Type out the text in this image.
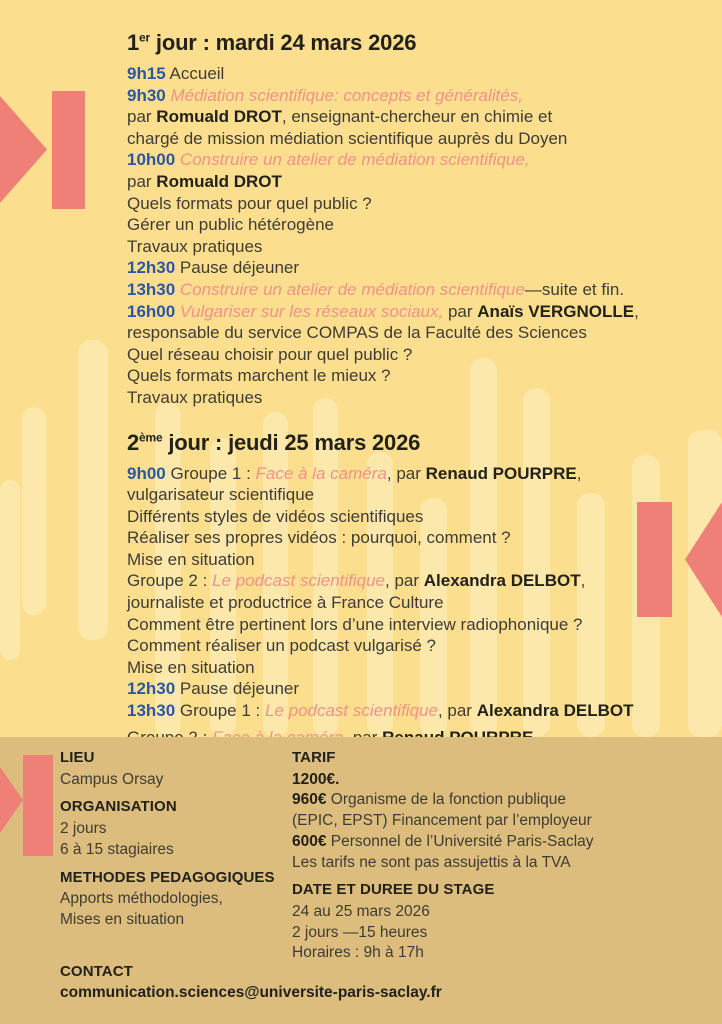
1er jour : mardi 24 mars 2026
9h15 Accueil
9h30 Médiation scientifique: concepts et généralités,
par Romuald DROT, enseignant-chercheur en chimie et
chargé de mission médiation scientifique auprès du Doyen
10h00 Construire un atelier de médiation scientifique,
par Romuald DROT
Quels formats pour quel public ?
Gérer un public hétérogène
Travaux pratiques
12h30 Pause déjeuner
13h30 Construire un atelier de médiation scientifique—suite et fin.
16h00 Vulgariser sur les réseaux sociaux, par Anaïs VERGNOLLE,
responsable du service COMPAS de la Faculté des Sciences
Quel réseau choisir pour quel public ?
Quels formats marchent le mieux ?
Travaux pratiques
2ème jour : jeudi 25 mars 2026
9h00 Groupe 1 : Face à la caméra, par Renaud POURPRE,
vulgarisateur scientifique
Différents styles de vidéos scientifiques
Réaliser ses propres vidéos : pourquoi, comment ?
Mise en situation
Groupe 2 : Le podcast scientifique, par Alexandra DELBOT,
journaliste et productrice à France Culture
Comment être pertinent lors d’une interview radiophonique ?
Comment réaliser un podcast vulgarisé ?
Mise en situation
12h30 Pause déjeuner
13h30 Groupe 1 : Le podcast scientifique, par Alexandra DELBOT
LIEU
Campus Orsay
ORGANISATION
2 jours
6 à 15 stagiaires
METHODES PEDAGOGIQUES
Apports méthodologies,
Mises en situation
CONTACT
communication.sciences@universite-paris-saclay.fr
TARIF
1200€.
960€ Organisme de la fonction publique
(EPIC, EPST) Financement par l’employeur
600€ Personnel de l’Université Paris-Saclay
Les tarifs ne sont pas assujettis à la TVA
DATE ET DUREE DU STAGE
24 au 25 mars 2026
2 jours —15 heures
Horaires : 9h à 17h
